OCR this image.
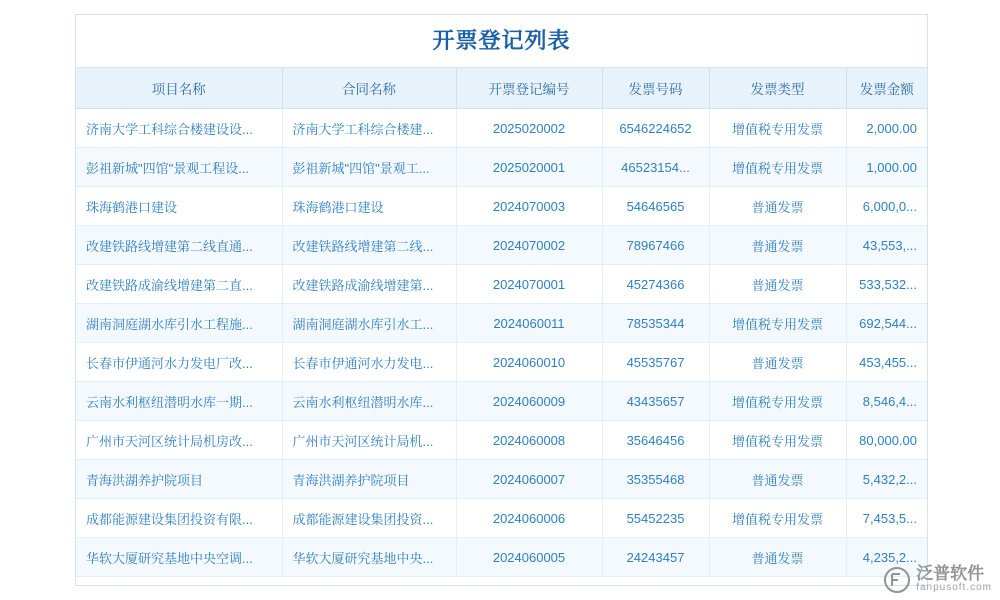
开票登记列表
项目名称	合同名称	开票登记编号	发票号码	发票类型	发票金额
济南大学工科综合楼建设设...	济南大学工科综合楼建...	2025020002	6546224652	增值税专用发票	2,000.00
彭祖新城"四馆"景观工程设...	彭祖新城"四馆"景观工...	2025020001	46523154...	增值税专用发票	1,000.00
珠海鹤港口建设	珠海鹤港口建设	2024070003	54646565	普通发票	6,000,0...
改建铁路线增建第二线直通...	改建铁路线增建第二线...	2024070002	78967466	普通发票	43,553,...
改建铁路成渝线增建第二直...	改建铁路成渝线增建第...	2024070001	45274366	普通发票	533,532...
湖南洞庭湖水库引水工程施...	湖南洞庭湖水库引水工...	2024060011	78535344	增值税专用发票	692,544...
长春市伊通河水力发电厂改...	长春市伊通河水力发电...	2024060010	45535767	普通发票	453,455...
云南水利枢纽潜明水库一期...	云南水利枢纽潜明水库...	2024060009	43435657	增值税专用发票	8,546,4...
广州市天河区统计局机房改...	广州市天河区统计局机...	2024060008	35646456	增值税专用发票	80,000.00
青海洪湖养护院项目	青海洪湖养护院项目	2024060007	35355468	普通发票	5,432,2...
成都能源建设集团投资有限...	成都能源建设集团投资...	2024060006	55452235	增值税专用发票	7,453,5...
华软大厦研究基地中央空调...	华软大厦研究基地中央...	2024060005	24243457	普通发票	4,235,2...
泛普软件
fanpusoft.com
